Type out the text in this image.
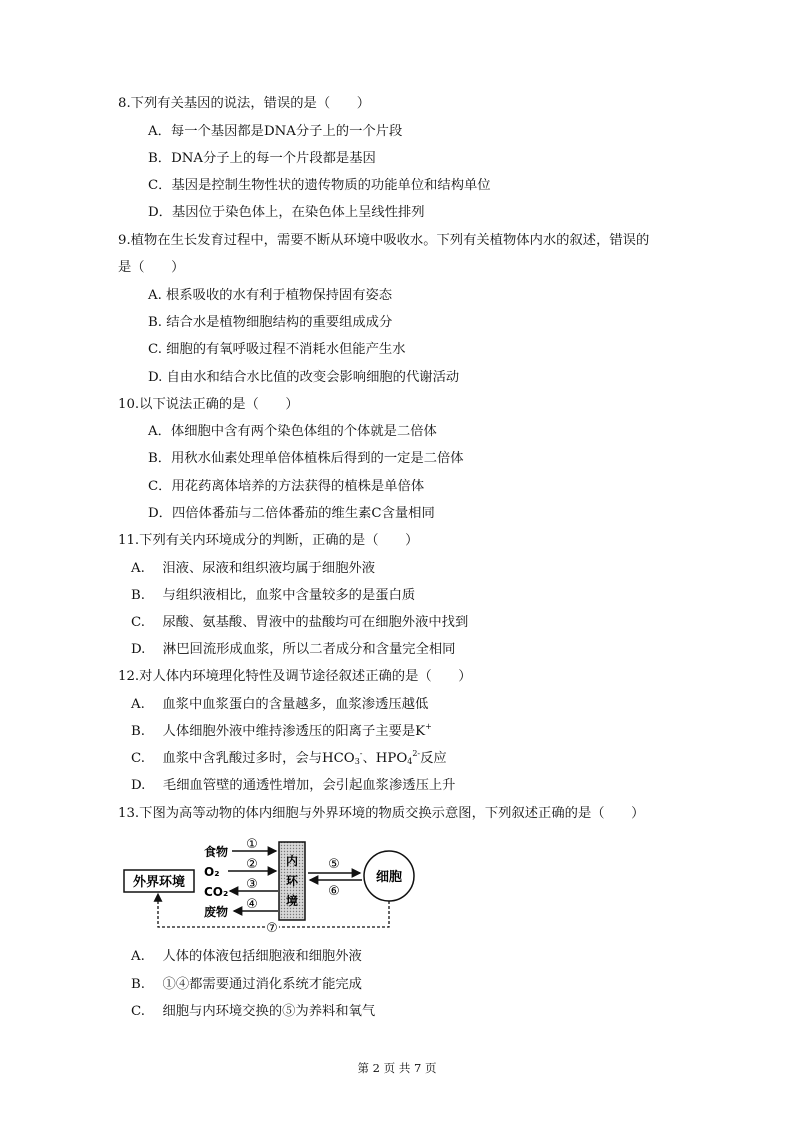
8.下列有关基因的说法，错误的是（　　）
A．每一个基因都是DNA分子上的一个片段
B．DNA分子上的每一个片段都是基因
C．基因是控制生物性状的遗传物质的功能单位和结构单位
D．基因位于染色体上，在染色体上呈线性排列
9.植物在生长发育过程中，需要不断从环境中吸收水。下列有关植物体内水的叙述，错误的
是（　　）
A. 根系吸收的水有利于植物保持固有姿态
B. 结合水是植物细胞结构的重要组成成分
C. 细胞的有氧呼吸过程不消耗水但能产生水
D. 自由水和结合水比值的改变会影响细胞的代谢活动
10.以下说法正确的是（　　）
A．体细胞中含有两个染色体组的个体就是二倍体
B．用秋水仙素处理单倍体植株后得到的一定是二倍体
C．用花药离体培养的方法获得的植株是单倍体
D．四倍体番茄与二倍体番茄的维生素C含量相同
11.下列有关内环境成分的判断，正确的是（　　）
A.　 泪液、尿液和组织液均属于细胞外液
B.　 与组织液相比，血浆中含量较多的是蛋白质
C.　 尿酸、氨基酸、胃液中的盐酸均可在细胞外液中找到
D.　 淋巴回流形成血浆，所以二者成分和含量完全相同
12.对人体内环境理化特性及调节途径叙述正确的是（　　）
A.　 血浆中血浆蛋白的含量越多，血浆渗透压越低
B.　 人体细胞外液中维持渗透压的阳离子主要是K+
C.　 血浆中含乳酸过多时，会与$HCO_3^-$、$HPO_4^{2-}$反应
D.　 毛细血管壁的通透性增加，会引起血浆渗透压上升
13.下图为高等动物的体内细胞与外界环境的物质交换示意图，下列叙述正确的是（　　）
外界环境
食物
O₂
CO₂
废物
①
②
③
④
内
环
境
⑤
⑥
细胞
⑦
A.　 人体的体液包括细胞液和细胞外液
B.　 ①④都需要通过消化系统才能完成
C.　 细胞与内环境交换的⑤为养料和氧气
第 2 页 共 7 页
